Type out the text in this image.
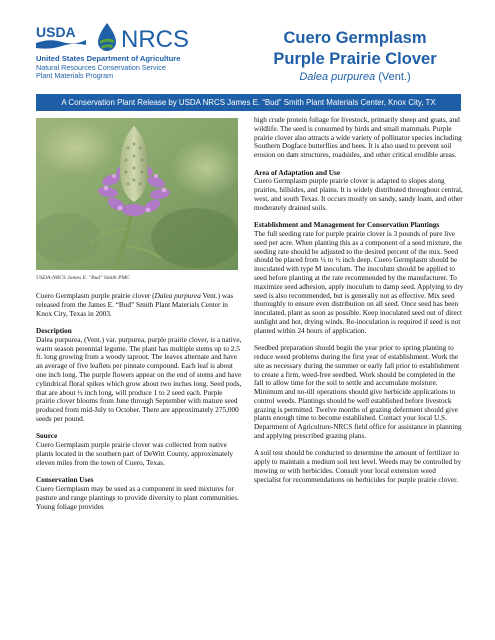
USDA NRCS
United States Department of Agriculture
Natural Resources Conservation Service
Plant Materials Program
Cuero Germplasm
Purple Prairie Clover
Dalea purpurea (Vent.)
A Conservation Plant Release by USDA NRCS James E. “Bud” Smith Plant Materials Center, Knox City, TX
USDA-NRCS James E. "Bud" Smith PMC

Cuero Germplasm purple prairie clover (Dalea purpurea Vent.) was released from the James E. “Bud” Smith Plant Materials Center in Knox City, Texas in 2003.

Description

Dalea purpurea, (Vent.) var. purpurea, purple prairie clover, is a native, warm season perennial legume. The plant has multiple stems up to 2.5 ft. long growing from a woody taproot. The leaves alternate and have an average of five leaflets per pinnate compound. Each leaf is about one inch long. The purple flowers appear on the end of stems and have cylindrical floral spikes which grow about two inches long. Seed pods, that are about ½ inch long, will produce 1 to 2 seed each. Purple prairie clover blooms from June through September with mature seed produced from mid-July to October. There are approximately 275,000 seeds per pound.

Source

Cuero Germplasm purple prairie clover was collected from native plants located in the southern part of DeWitt County, approximately eleven miles from the town of Cuero, Texas.

Conservation Uses

Cuero Germplasm may be used as a component in seed mixtures for pasture and range plantings to provide diversity to plant communities. Young foliage provides

high crude protein foliage for livestock, primarily sheep and goats, and wildlife. The seed is consumed by birds and small mammals. Purple prairie clover also attracts a wide variety of pollinator species including Southern Dogface butterflies and bees. It is also used to prevent soil erosion on dam structures, roadsides, and other critical erodible areas.

Area of Adaptation and Use

Cuero Germplasm purple prairie clover is adapted to slopes along prairies, hillsides, and plains. It is widely distributed throughout central, west, and south Texas. It occurs mostly on sandy, sandy loam, and other moderately drained soils.

Establishment and Management for Conservation Plantings

The full seeding rate for purple prairie clover is 3 pounds of pure live seed per acre. When planting this as a component of a seed mixture, the seeding rate should be adjusted to the desired percent of the mix. Seed should be placed from ¼ to ½ inch deep. Cuero Germplasm should be inoculated with type M inoculum. The inoculum should be applied to seed before planting at the rate recommended by the manufacturer. To maximize seed adhesion, apply inoculum to damp seed. Applying to dry seed is also recommended, but is generally not as effective. Mix seed thoroughly to ensure even distribution on all seed. Once seed has been inoculated, plant as soon as possible. Keep inoculated seed out of direct sunlight and hot, drying winds. Re-inoculation is required if seed is not planted within 24 hours of application.

Seedbed preparation should begin the year prior to spring planting to reduce weed problems during the first year of establishment. Work the site as necessary during the summer or early fall prior to establishment to create a firm, weed-free seedbed. Work should be completed in the fall to allow time for the soil to settle and accumulate moisture. Minimum and no-till operations should give herbicide applications to control weeds. Plantings should be well established before livestock grazing is permitted. Twelve months of grazing deferment should give plants enough time to become established. Contact your local U.S. Department of Agriculture-NRCS field office for assistance in planning and applying prescribed grazing plans.

A soil test should be conducted to determine the amount of fertilizer to apply to maintain a medium soil test level. Weeds may be controlled by mowing or with herbicides. Consult your local extension weed specialist for recommendations on herbicides for purple prairie clover.
